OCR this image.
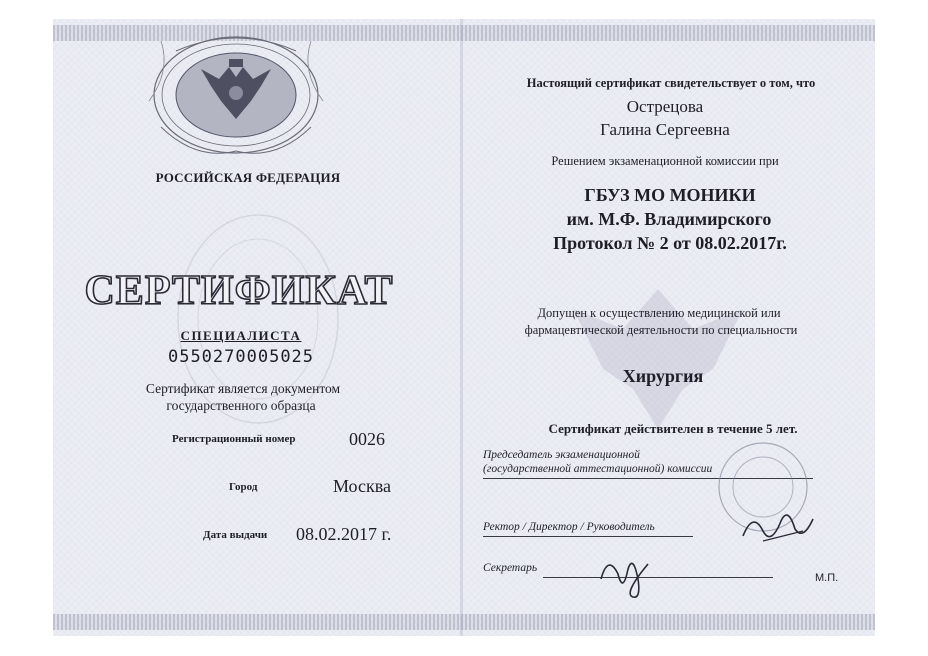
РОССИЙСКАЯ ФЕДЕРАЦИЯ
СЕРТИФИКАТ
СПЕЦИАЛИСТА
0550270005025
Сертификат является документом
государственного образца
Регистрационный номер	0026
Город	Москва
Дата выдачи 08.02.2017 г.
Настоящий сертификат свидетельствует о том, что
Острецова
Галина Сергеевна
Решением экзаменационной комиссии при
ГБУЗ МО МОНИКИ
им. М.Ф. Владимирского
Протокол № 2 от 08.02.2017г.
Допущен к осуществлению медицинской или
фармацевтической деятельности по специальности
Хирургия
Сертификат действителен в течение 5 лет.
Председатель экзаменационной
(государственной аттестационной) комиссии
Ректор / Директор / Руководитель
Секретарь
М.П.
